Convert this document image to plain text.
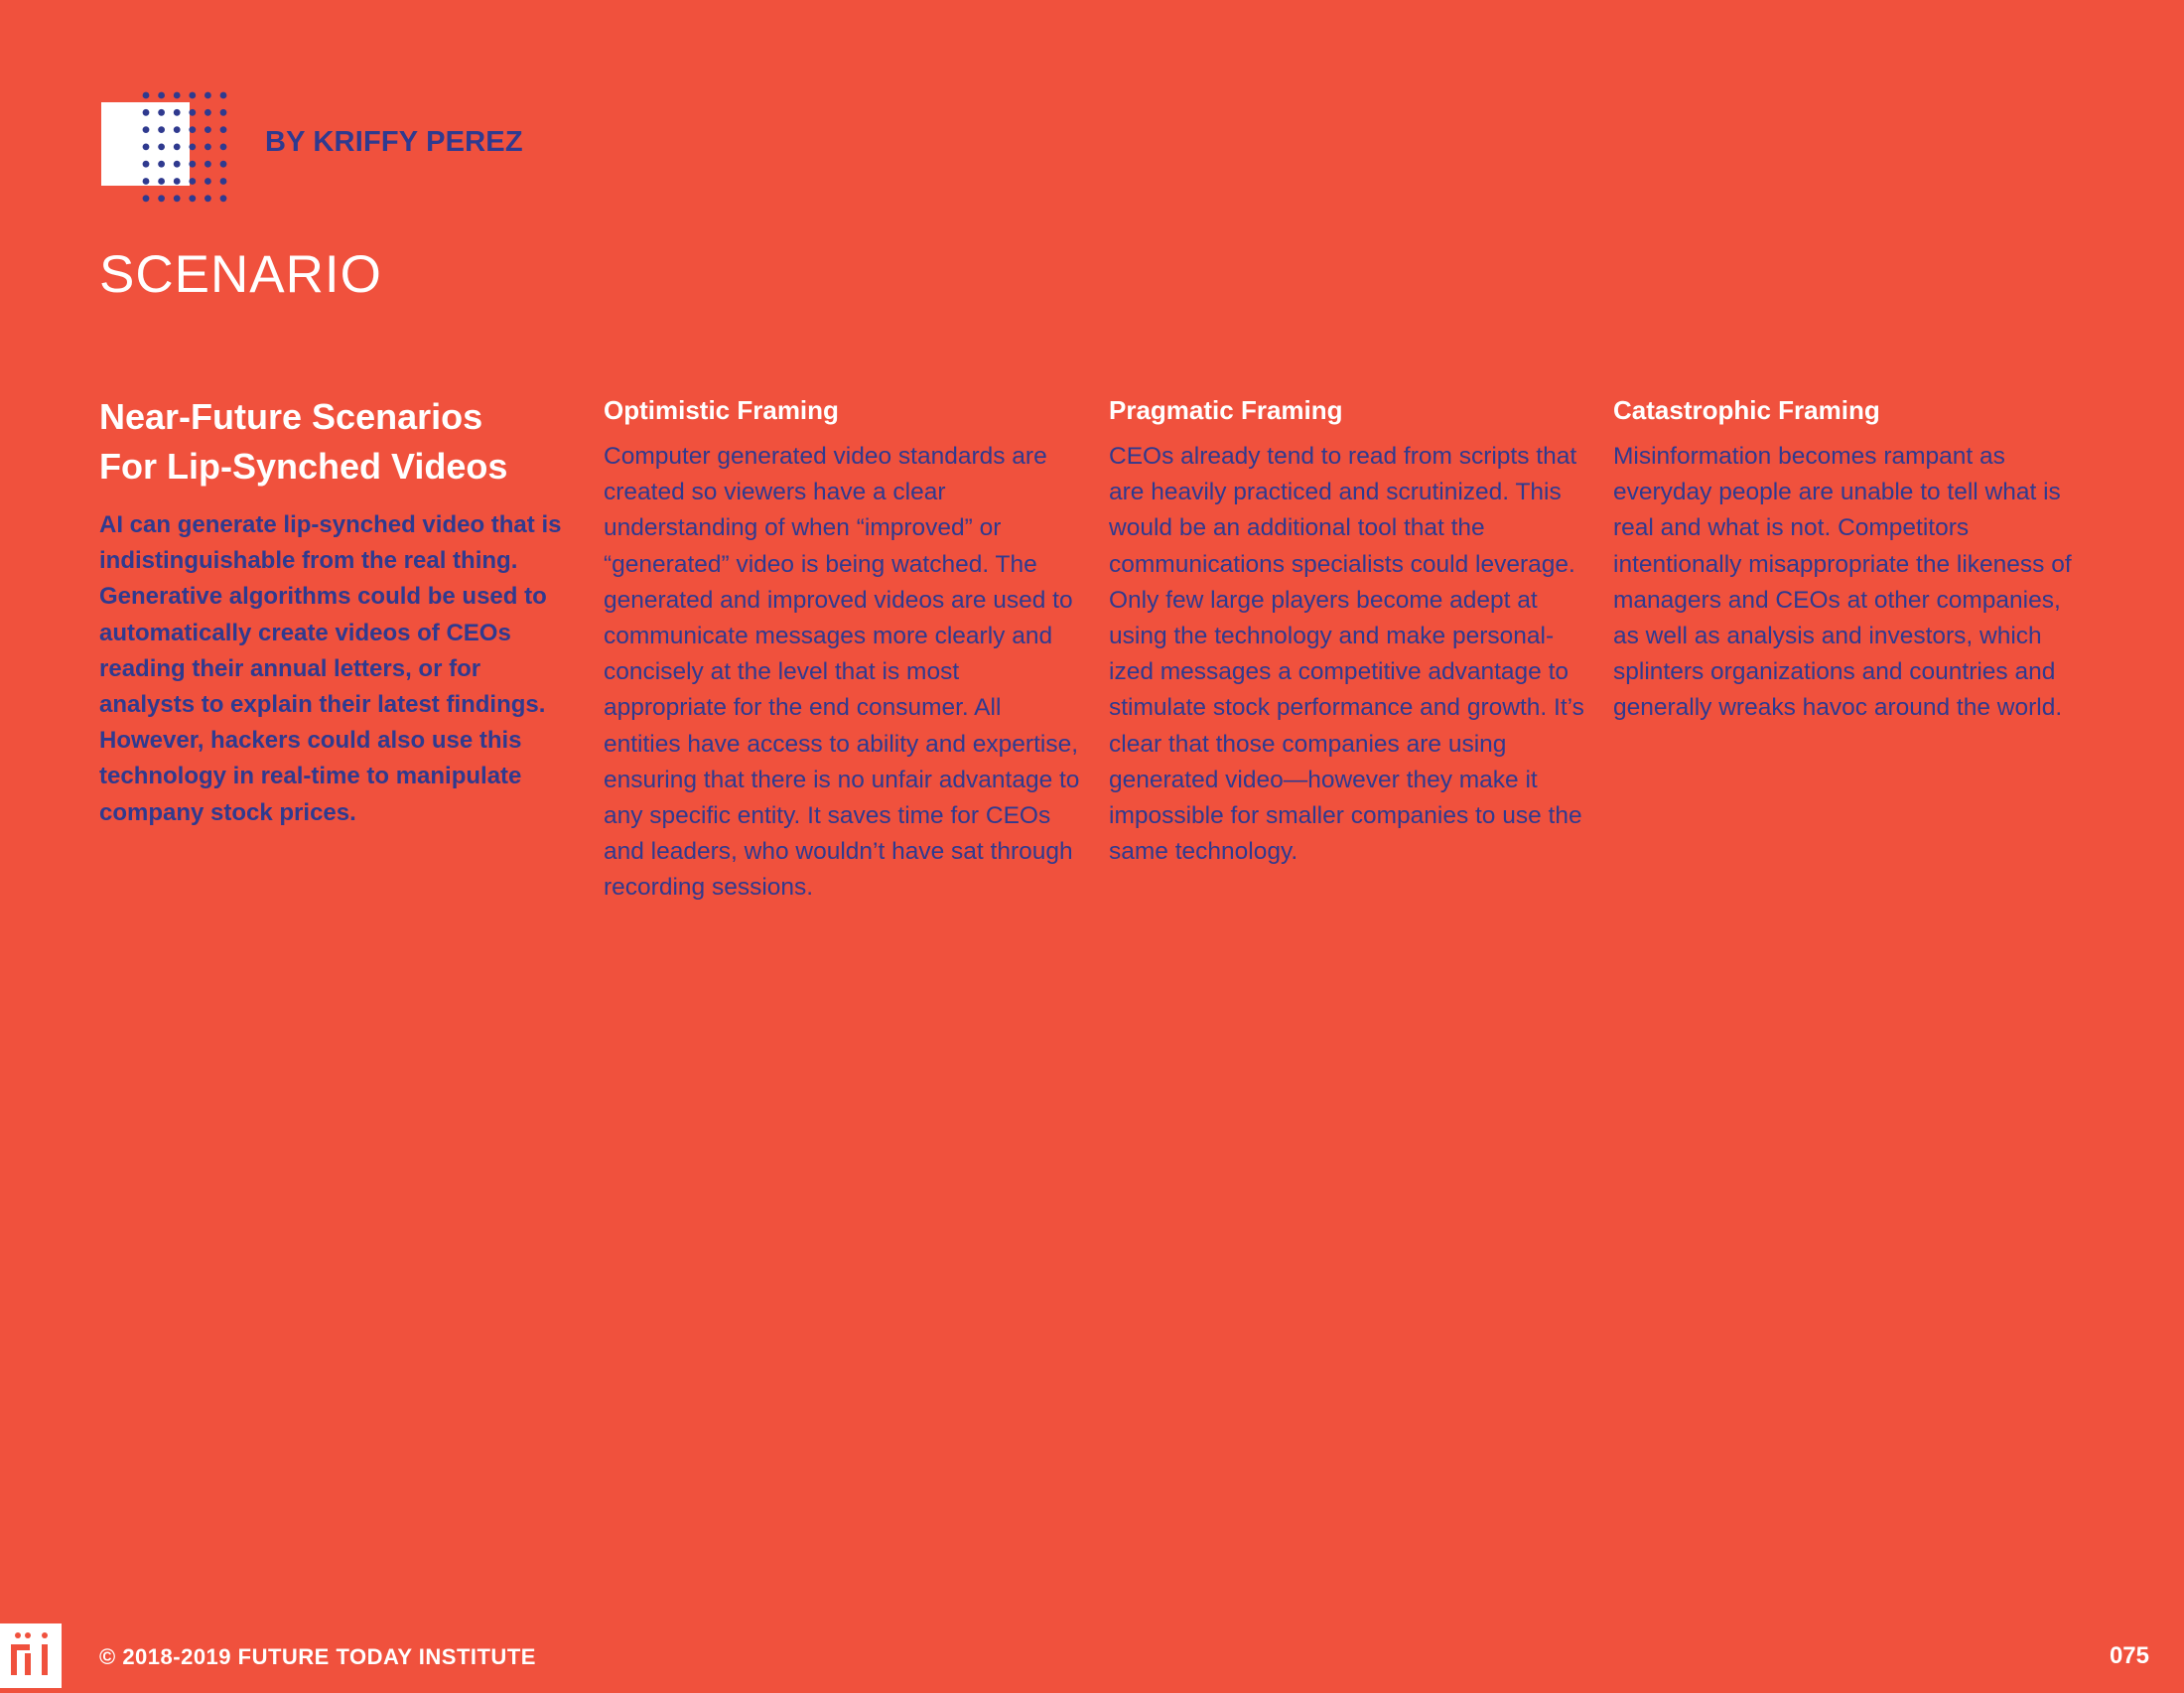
BY KRIFFY PEREZ
SCENARIO
Near-Future Scenarios
For Lip-Synched Videos

AI can generate lip-synched video that is indistinguishable from the real thing. Generative algorithms could be used to automatically create videos of CEOs reading their annual letters, or for analysts to explain their latest findings. However, hackers could also use this technology in real-time to manipulate company stock prices.

Optimistic Framing

Computer generated video standards are created so viewers have a clear understanding of when “improved” or “generated” video is being watched. The generated and improved videos are used to communicate messages more clearly and concisely at the level that is most appropriate for the end consumer. All entities have access to ability and expertise, ensuring that there is no unfair advantage to any specific entity. It saves time for CEOs and leaders, who wouldn’t have sat through recording sessions.

Pragmatic Framing

CEOs already tend to read from scripts that are heavily practiced and scrutinized. This would be an additional tool that the communications specialists could leverage. Only few large players become adept at using the technology and make personalized messages a competitive advantage to stimulate stock performance and growth. It’s clear that those companies are using generated video—however they make it impossible for smaller companies to use the same technology.

Catastrophic Framing

Misinformation becomes rampant as everyday people are unable to tell what is real and what is not. Competitors intentionally misappropriate the likeness of managers and CEOs at other companies, as well as analysis and investors, which splinters organizations and countries and generally wreaks havoc around the world.

© 2018-2019 FUTURE TODAY INSTITUTE	075
